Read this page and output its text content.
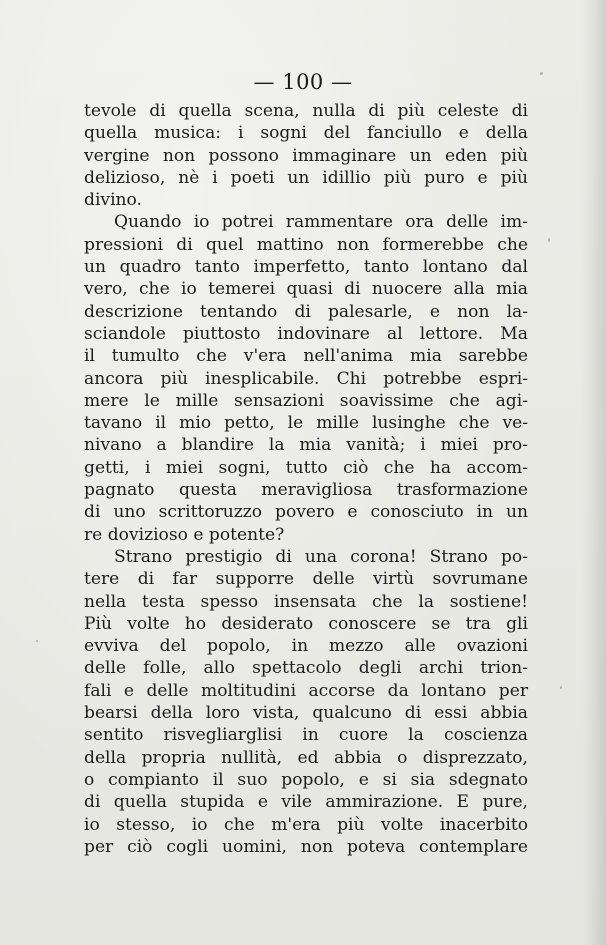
— 100 —
tevole di quella scena, nulla di più celeste di
quella musica: i sogni del fanciullo e della
vergine non possono immaginare un eden più
delizioso, nè i poeti un idillio più puro e più
divino.
Quando io potrei rammentare ora delle im-
pressioni di quel mattino non formerebbe che
un quadro tanto imperfetto, tanto lontano dal
vero, che io temerei quasi di nuocere alla mia
descrizione tentando di palesarle, e non la-
sciandole piuttosto indovinare al lettore. Ma
il tumulto che v'era nell'anima mia sarebbe
ancora più inesplicabile. Chi potrebbe espri-
mere le mille sensazioni soavissime che agi-
tavano il mio petto, le mille lusinghe che ve-
nivano a blandire la mia vanità; i miei pro-
getti, i miei sogni, tutto ciò che ha accom-
pagnato questa meravigliosa trasformazione
di uno scrittoruzzo povero e conosciuto in un
re dovizioso e potente?
Strano prestigio di una corona! Strano po-
tere di far supporre delle virtù sovrumane
nella testa spesso insensata che la sostiene!
Più volte ho desiderato conoscere se tra gli
evviva del popolo, in mezzo alle ovazioni
delle folle, allo spettacolo degli archi trion-
fali e delle moltitudini accorse da lontano per
bearsi della loro vista, qualcuno di essi abbia
sentito risvegliarglisi in cuore la coscienza
della propria nullità, ed abbia o disprezzato,
o compianto il suo popolo, e si sia sdegnato
di quella stupida e vile ammirazione. E pure,
io stesso, io che m'era più volte inacerbito
per ciò cogli uomini, non poteva contemplare
